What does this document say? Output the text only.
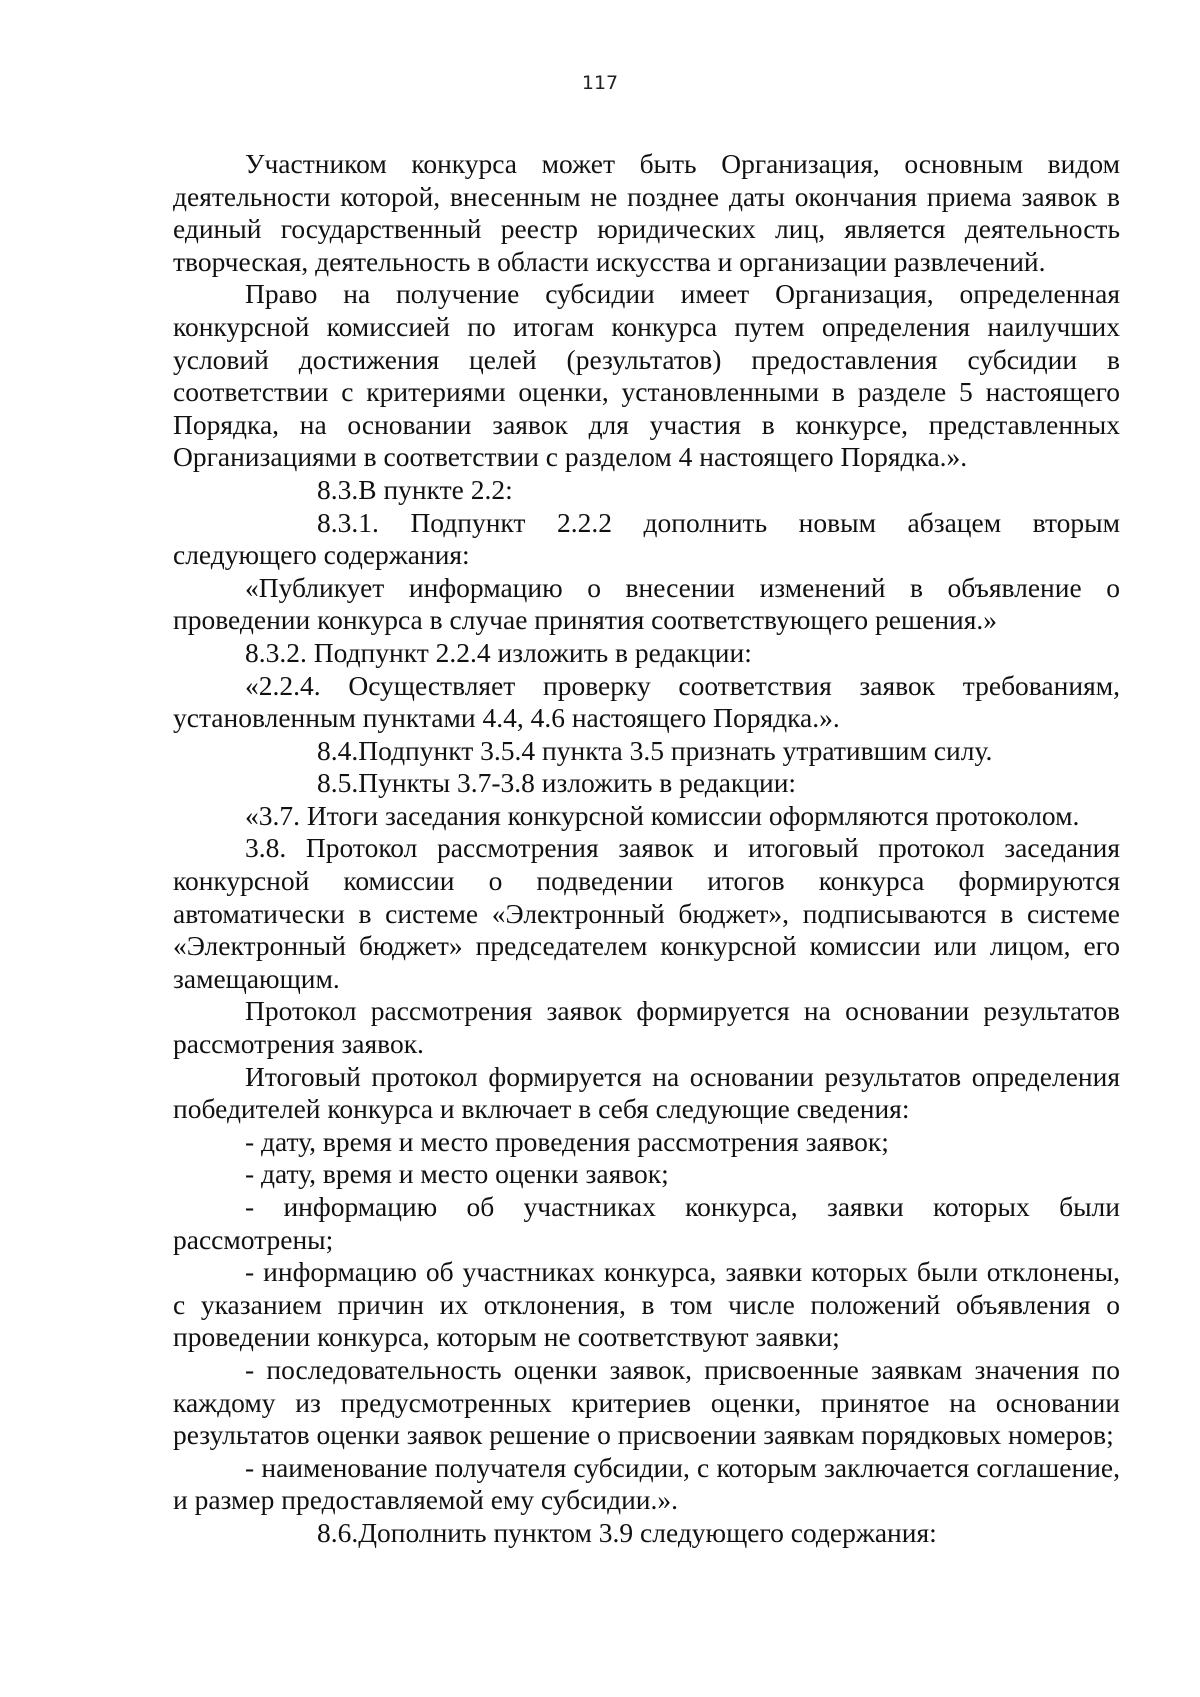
117

Участником конкурса может быть Организация, основным видом деятельности которой, внесенным не позднее даты окончания приема заявок в единый государственный реестр юридических лиц, является деятельность творческая, деятельность в области искусства и организации развлечений.

Право на получение субсидии имеет Организация, определенная конкурсной комиссией по итогам конкурса путем определения наилучших условий достижения целей (результатов) предоставления субсидии в соответствии с критериями оценки, установленными в разделе 5 настоящего Порядка, на основании заявок для участия в конкурсе, представленных Организациями в соответствии с разделом 4 настоящего Порядка.».

8.3.В пункте 2.2:

8.3.1. Подпункт 2.2.2 дополнить новым абзацем вторым следующего содержания:

«Публикует информацию о внесении изменений в объявление о проведении конкурса в случае принятия соответствующего решения.»

8.3.2. Подпункт 2.2.4 изложить в редакции:

«2.2.4. Осуществляет проверку соответствия заявок требованиям, установленным пунктами 4.4, 4.6 настоящего Порядка.».

8.4.Подпункт 3.5.4 пункта 3.5 признать утратившим силу.

8.5.Пункты 3.7-3.8 изложить в редакции:

«3.7. Итоги заседания конкурсной комиссии оформляются протоколом.

3.8. Протокол рассмотрения заявок и итоговый протокол заседания конкурсной комиссии о подведении итогов конкурса формируются автоматически в системе «Электронный бюджет», подписываются в системе «Электронный бюджет» председателем конкурсной комиссии или лицом, его замещающим.

Протокол рассмотрения заявок формируется на основании результатов рассмотрения заявок.

Итоговый протокол формируется на основании результатов определения победителей конкурса и включает в себя следующие сведения:

- дату, время и место проведения рассмотрения заявок;

- дату, время и место оценки заявок;

- информацию об участниках конкурса, заявки которых были рассмотрены;

- информацию об участниках конкурса, заявки которых были отклонены, с указанием причин их отклонения, в том числе положений объявления о проведении конкурса, которым не соответствуют заявки;

- последовательность оценки заявок, присвоенные заявкам значения по каждому из предусмотренных критериев оценки, принятое на основании результатов оценки заявок решение о присвоении заявкам порядковых номеров;

- наименование получателя субсидии, с которым заключается соглашение, и размер предоставляемой ему субсидии.».

8.6.Дополнить пунктом 3.9 следующего содержания:
